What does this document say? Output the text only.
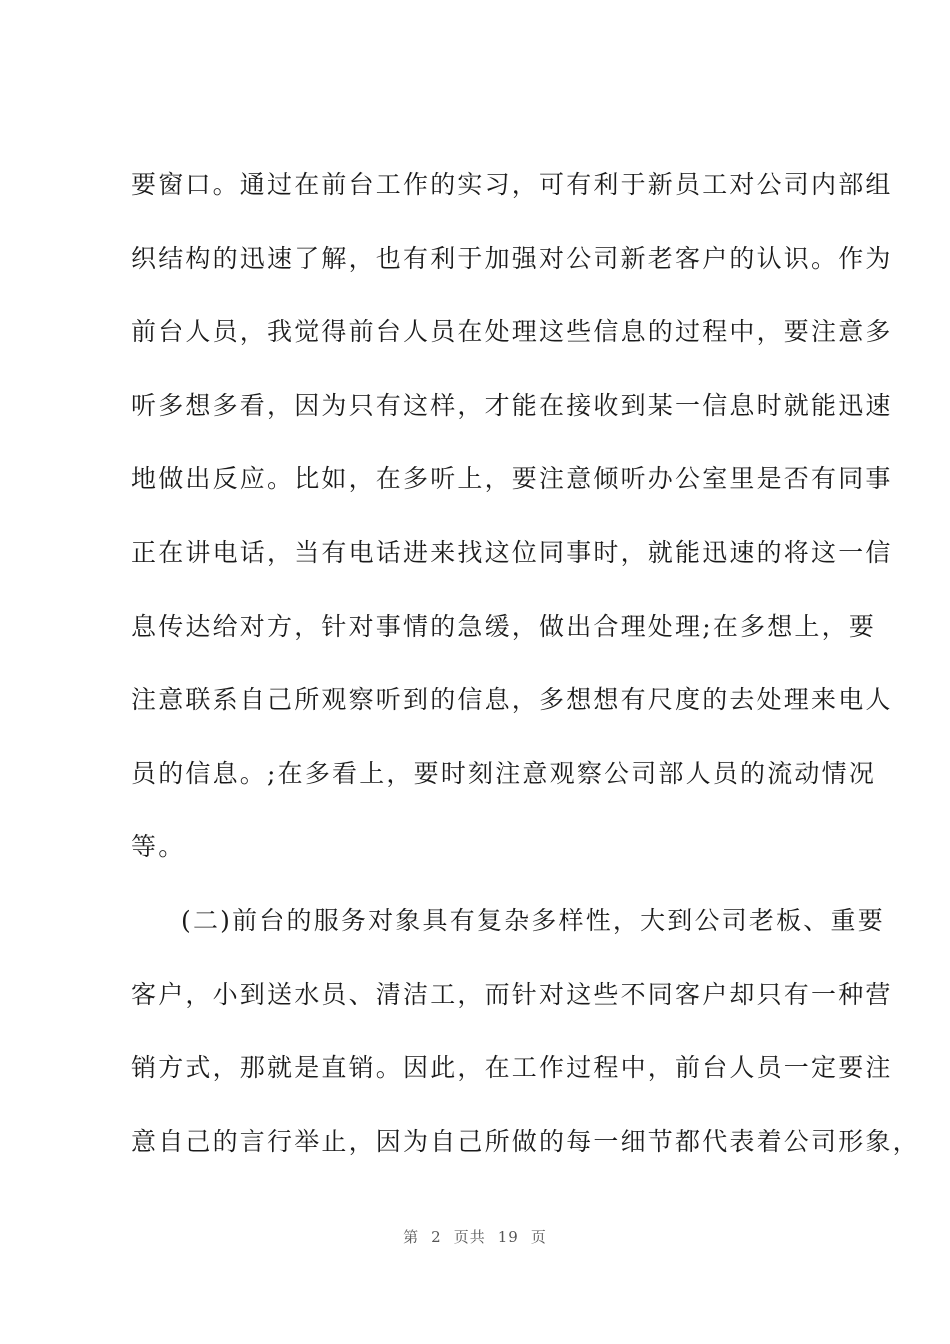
要窗口。通过在前台工作的实习，可有利于新员工对公司内部组
织结构的迅速了解，也有利于加强对公司新老客户的认识。作为
前台人员，我觉得前台人员在处理这些信息的过程中，要注意多
听多想多看，因为只有这样，才能在接收到某一信息时就能迅速
地做出反应。比如，在多听上，要注意倾听办公室里是否有同事
正在讲电话，当有电话进来找这位同事时，就能迅速的将这一信
息传达给对方，针对事情的急缓，做出合理处理;在多想上，要
注意联系自己所观察听到的信息，多想想有尺度的去处理来电人
员的信息。;在多看上，要时刻注意观察公司部人员的流动情况
等。
(二)前台的服务对象具有复杂多样性，大到公司老板、重要
客户，小到送水员、清洁工，而针对这些不同客户却只有一种营
销方式，那就是直销。因此，在工作过程中，前台人员一定要注
意自己的言行举止，因为自己所做的每一细节都代表着公司形象，
第 2 页共 19 页
